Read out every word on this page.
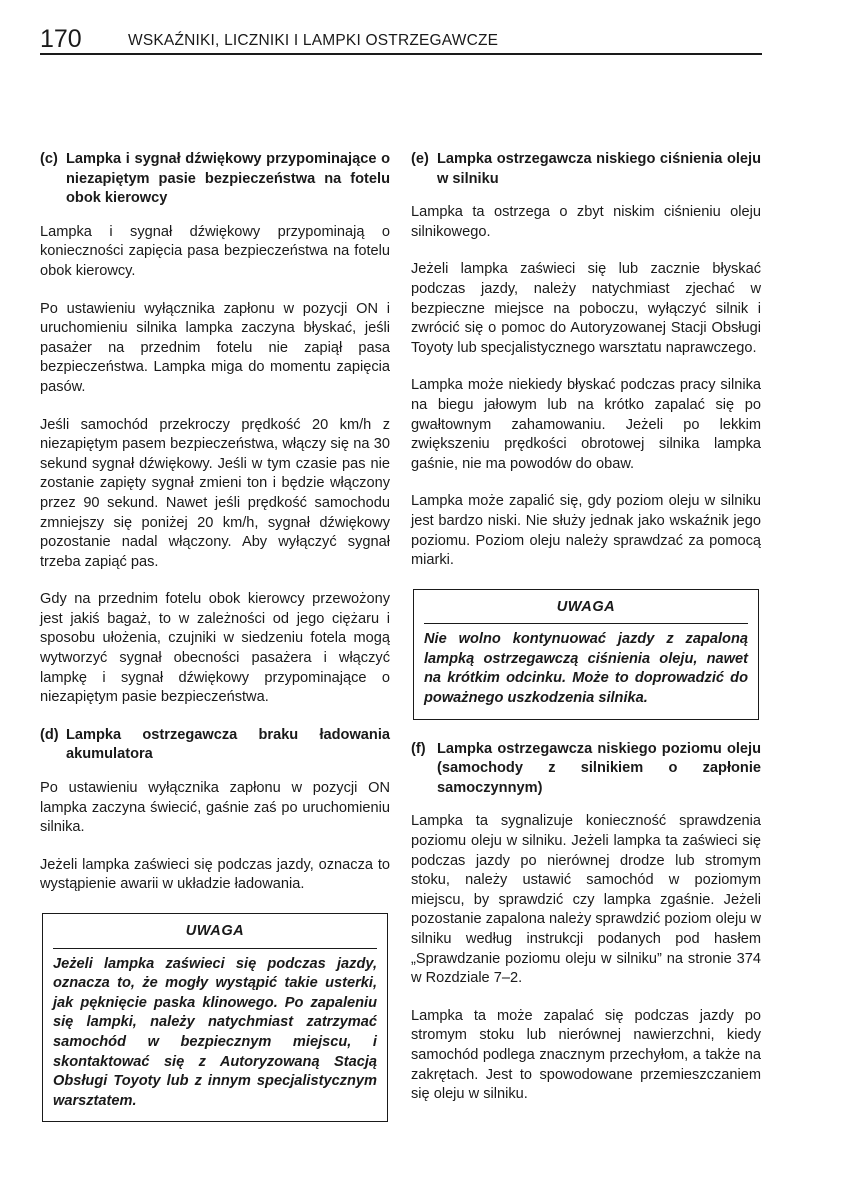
170	WSKAŹNIKI, LICZNIKI I LAMPKI OSTRZEGAWCZE
(c) Lampka i sygnał dźwiękowy przypominające o niezapiętym pasie bezpieczeństwa na fotelu obok kierowcy

Lampka i sygnał dźwiękowy przypominają o konieczności zapięcia pasa bezpieczeństwa na fotelu obok kierowcy.

Po ustawieniu wyłącznika zapłonu w pozycji ON i uruchomieniu silnika lampka zaczyna błyskać, jeśli pasażer na przednim fotelu nie zapiął pasa bezpieczeństwa. Lampka miga do momentu zapięcia pasów.

Jeśli samochód przekroczy prędkość 20 km/h z niezapiętym pasem bezpieczeństwa, włączy się na 30 sekund sygnał dźwiękowy. Jeśli w tym czasie pas nie zostanie zapięty sygnał zmieni ton i będzie włączony przez 90 sekund. Nawet jeśli prędkość samochodu zmniejszy się poniżej 20 km/h, sygnał dźwiękowy pozostanie nadal włączony. Aby wyłączyć sygnał trzeba zapiąć pas.

Gdy na przednim fotelu obok kierowcy przewożony jest jakiś bagaż, to w zależności od jego ciężaru i sposobu ułożenia, czujniki w siedzeniu fotela mogą wytworzyć sygnał obecności pasażera i włączyć lampkę i sygnał dźwiękowy przypominające o niezapiętym pasie bezpieczeństwa.

(d) Lampka ostrzegawcza braku ładowania akumulatora

Po ustawieniu wyłącznika zapłonu w pozycji ON lampka zaczyna świecić, gaśnie zaś po uruchomieniu silnika.

Jeżeli lampka zaświeci się podczas jazdy, oznacza to wystąpienie awarii w układzie ładowania.

UWAGA
Jeżeli lampka zaświeci się podczas jazdy, oznacza to, że mogły wystąpić takie usterki, jak pęknięcie paska klinowego. Po zapaleniu się lampki, należy natychmiast zatrzymać samochód w bezpiecznym miejscu, i skontaktować się z Autoryzowaną Stacją Obsługi Toyoty lub z innym specjalistycznym warsztatem.
(e) Lampka ostrzegawcza niskiego ciśnienia oleju w silniku

Lampka ta ostrzega o zbyt niskim ciśnieniu oleju silnikowego.

Jeżeli lampka zaświeci się lub zacznie błyskać podczas jazdy, należy natychmiast zjechać w bezpieczne miejsce na poboczu, wyłączyć silnik i zwrócić się o pomoc do Autoryzowanej Stacji Obsługi Toyoty lub specjalistycznego warsztatu naprawczego.

Lampka może niekiedy błyskać podczas pracy silnika na biegu jałowym lub na krótko zapalać się po gwałtownym zahamowaniu. Jeżeli po lekkim zwiększeniu prędkości obrotowej silnika lampka gaśnie, nie ma powodów do obaw.

Lampka może zapalić się, gdy poziom oleju w silniku jest bardzo niski. Nie służy jednak jako wskaźnik jego poziomu. Poziom oleju należy sprawdzać za pomocą miarki.

UWAGA
Nie wolno kontynuować jazdy z zapaloną lampką ostrzegawczą ciśnienia oleju, nawet na krótkim odcinku. Może to doprowadzić do poważnego uszkodzenia silnika.
(f) Lampka ostrzegawcza niskiego poziomu oleju (samochody z silnikiem o zapłonie samoczynnym)

Lampka ta sygnalizuje konieczność sprawdzenia poziomu oleju w silniku. Jeżeli lampka ta zaświeci się podczas jazdy po nierównej drodze lub stromym stoku, należy ustawić samochód w poziomym miejscu, by sprawdzić czy lampka zgaśnie. Jeżeli pozostanie zapalona należy sprawdzić poziom oleju w silniku według instrukcji podanych pod hasłem „Sprawdzanie poziomu oleju w silniku” na stronie 374 w Rozdziale 7–2.

Lampka ta może zapalać się podczas jazdy po stromym stoku lub nierównej nawierzchni, kiedy samochód podlega znacznym przechyłom, a także na zakrętach. Jest to spowodowane przemieszczaniem się oleju w silniku.
